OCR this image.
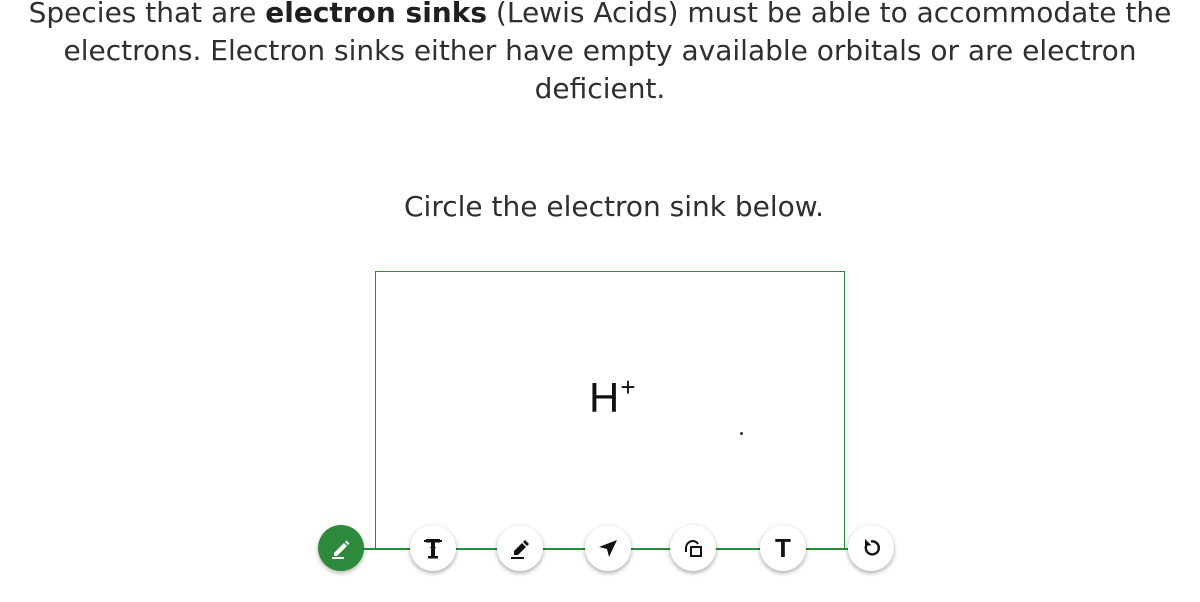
Species that are electron sinks (Lewis Acids) must be able to accommodate the

electrons. Electron sinks either have empty available orbitals or are electron

deficient.

Circle the electron sink below.
H+
T
